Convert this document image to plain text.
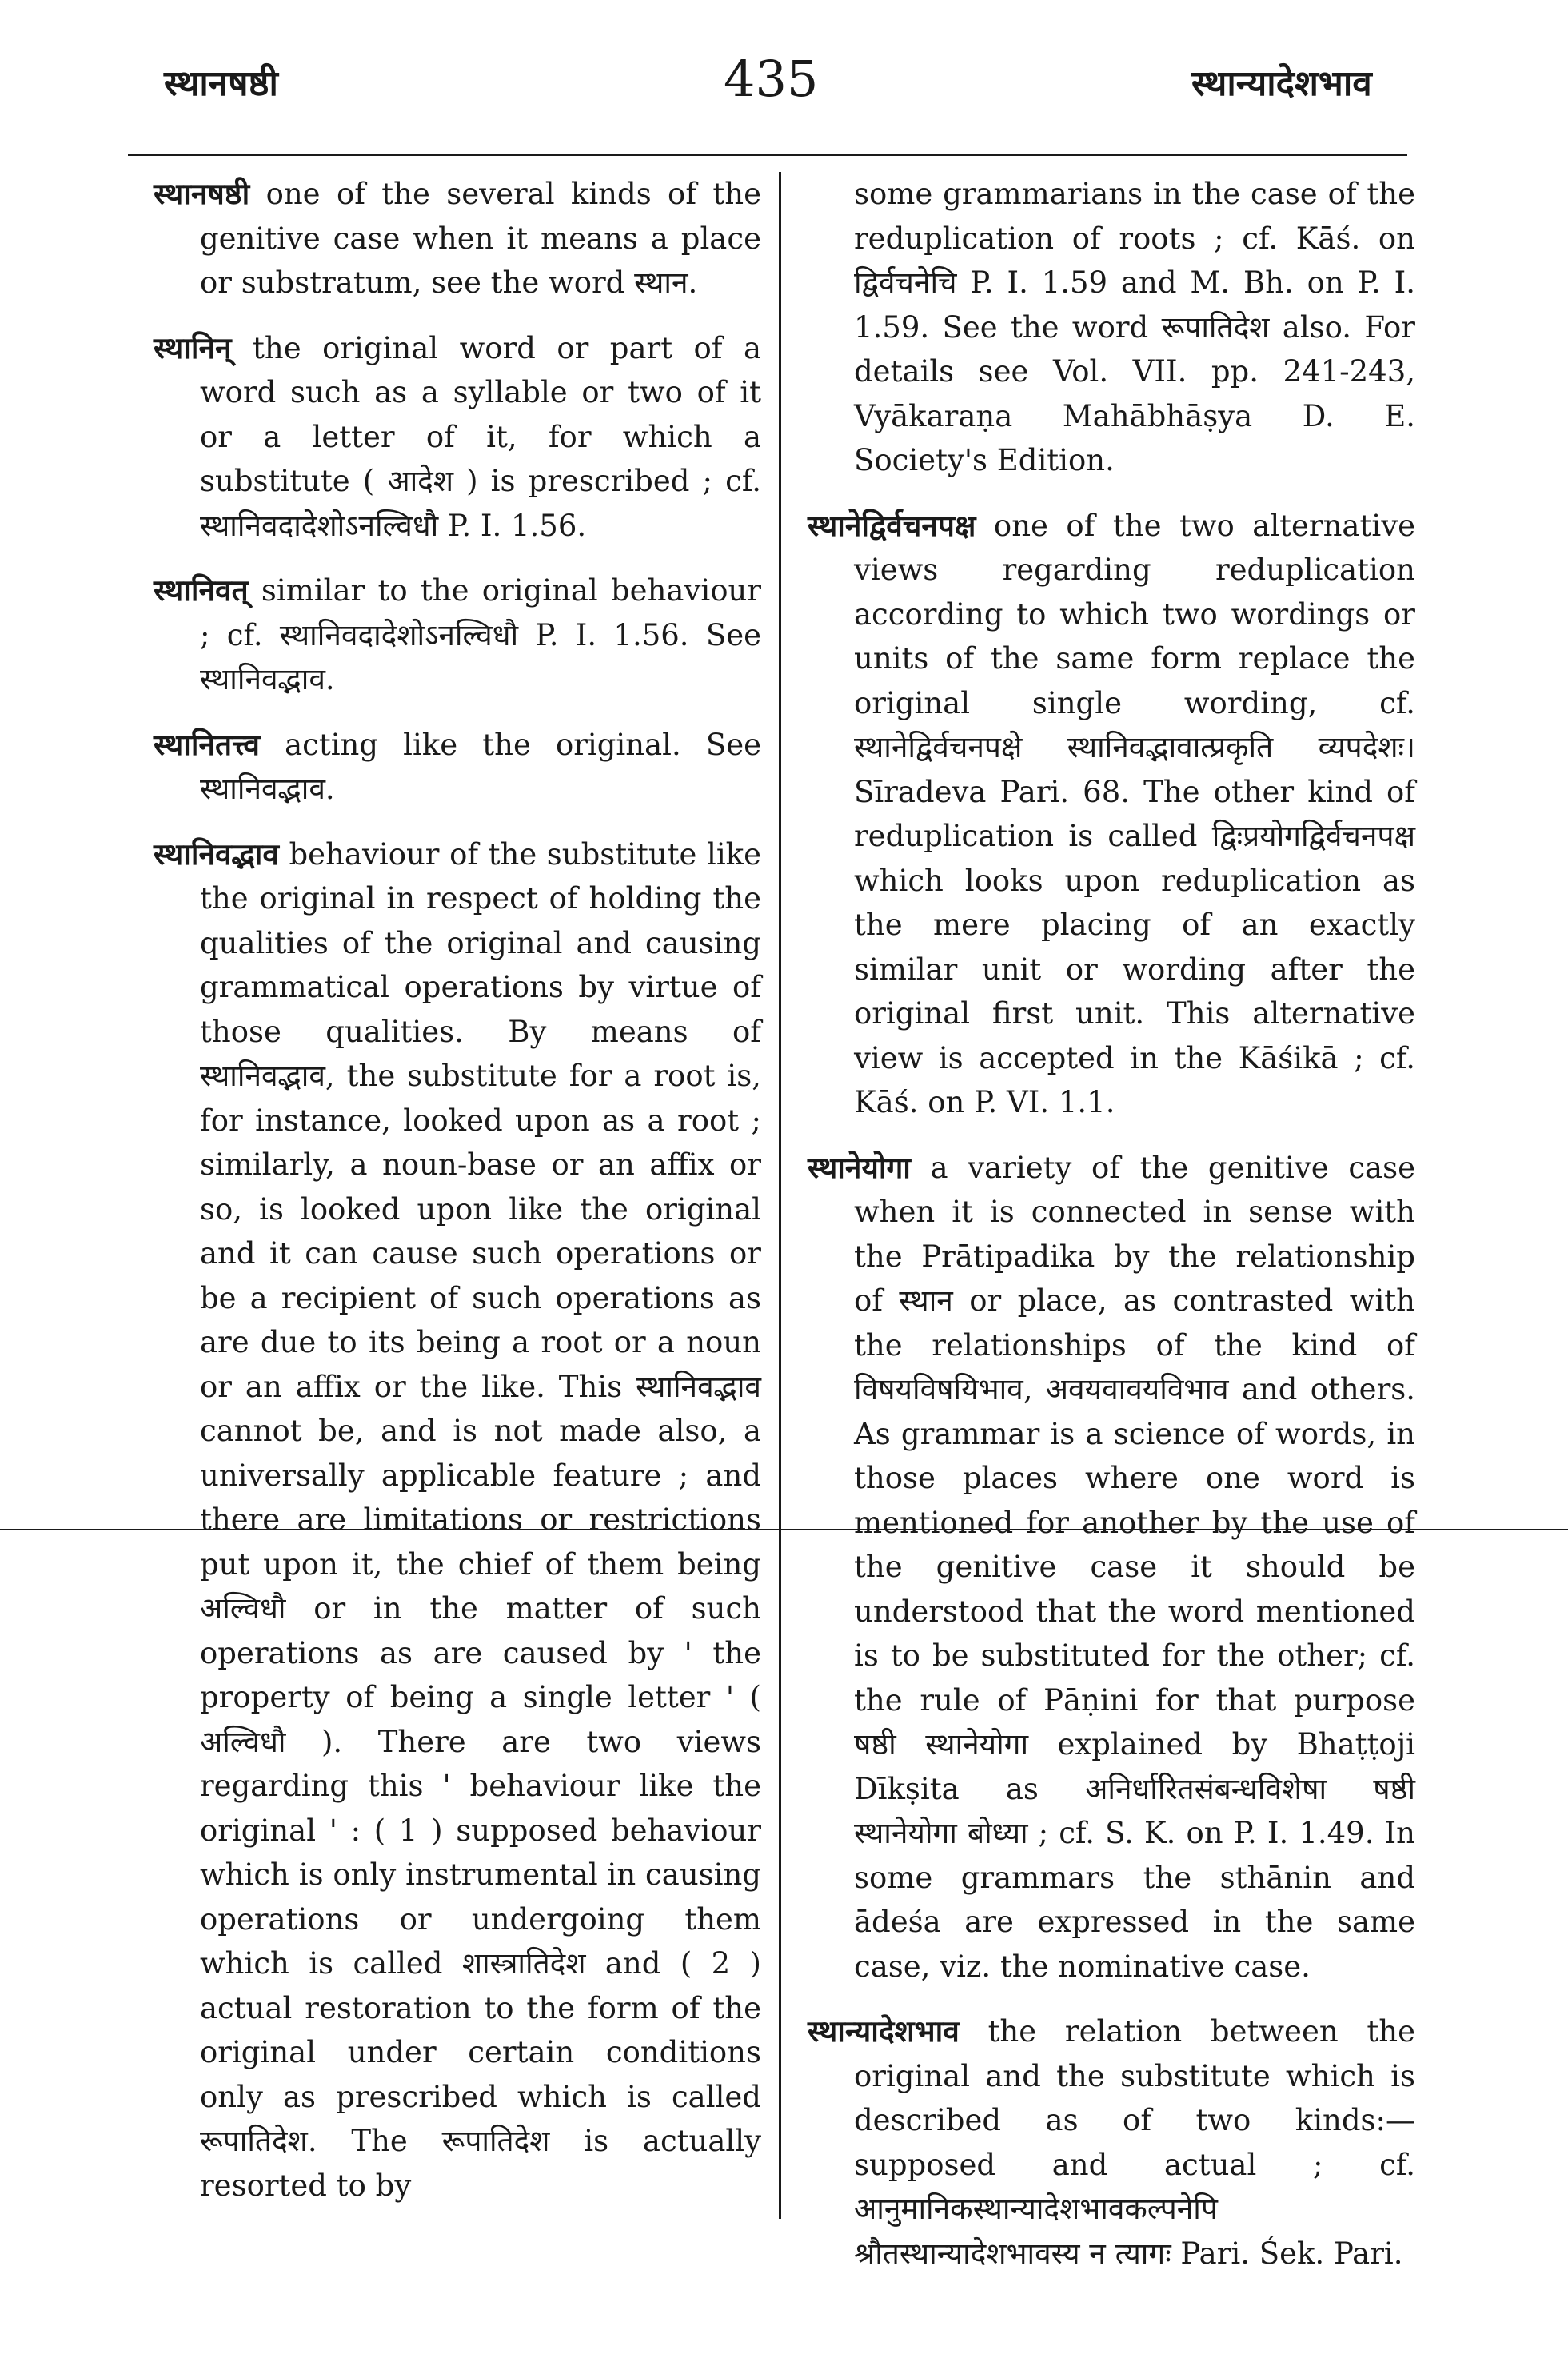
स्थानषष्ठी	435	स्थान्यादेशभाव

स्थानषष्ठी one of the several kinds of the genitive case when it means a place or substratum, see the word स्थान.

स्थानिन् the original word or part of a word such as a syllable or two of it or a letter of it, for which a substitute ( आदेश ) is prescribed ; cf. स्थानिवदादेशोऽनल्विधौ P. I. 1.56.

स्थानिवत् similar to the original behaviour ; cf. स्थानिवदादेशोऽनल्विधौ P. I. 1.56. See स्थानिवद्भाव.

स्थानितत्त्व acting like the original. See स्थानिवद्भाव.

स्थानिवद्भाव behaviour of the substitute like the original in respect of holding the qualities of the original and causing grammatical operations by virtue of those qualities. By means of स्थानिवद्भाव, the substitute for a root is, for instance, looked upon as a root ; similarly, a noun-base or an affix or so, is looked upon like the original and it can cause such operations or be a recipient of such operations as are due to its being a root or a noun or an affix or the like. This स्थानिवद्भाव cannot be, and is not made also, a universally applicable feature ; and there are limitations or restrictions put upon it, the chief of them being अल्विधौ or in the matter of such operations as are caused by ' the property of being a single letter ' ( अल्विधौ ). There are two views regarding this ' behaviour like the original ' : ( 1 ) supposed behaviour which is only instrumental in causing operations or undergoing them which is called शास्त्रातिदेश and ( 2 ) actual restoration to the form of the original under certain conditions only as prescribed which is called रूपातिदेश. The रूपातिदेश is actually resorted to by

some grammarians in the case of the reduplication of roots ; cf. Kāś. on द्विर्वचनेचि P. I. 1.59 and M. Bh. on P. I. 1.59. See the word रूपातिदेश also. For details see Vol. VII. pp. 241-243, Vyākaraṇa Mahābhāṣya D. E. Society's Edition.

स्थानेद्विर्वचनपक्ष one of the two alternative views regarding reduplication according to which two wordings or units of the same form replace the original single wording, cf. स्थानेद्विर्वचनपक्षे स्थानिवद्भावात्प्रकृति व्यपदेशः। Sīradeva Pari. 68. The other kind of reduplication is called द्विःप्रयोगद्विर्वचनपक्ष which looks upon reduplication as the mere placing of an exactly similar unit or wording after the original first unit. This alternative view is accepted in the Kāśikā ; cf. Kāś. on P. VI. 1.1.

स्थानेयोगा a variety of the genitive case when it is connected in sense with the Prātipadika by the relationship of स्थान or place, as contrasted with the relationships of the kind of विषयविषयिभाव, अवयवावयविभाव and others. As grammar is a science of words, in those places where one word is mentioned for another by the use of the genitive case it should be understood that the word mentioned is to be substituted for the other; cf. the rule of Pāṇini for that purpose षष्ठी स्थानेयोगा explained by Bhaṭṭoji Dīkṣita as अनिर्धारितसंबन्धविशेषा षष्ठी स्थानेयोगा बोध्या ; cf. S. K. on P. I. 1.49. In some grammars the sthānin and ādeśa are expressed in the same case, viz. the nominative case.

स्थान्यादेशभाव the relation between the original and the substitute which is described as of two kinds:— supposed and actual ; cf. आनुमानिकस्थान्यादेशभावकल्पनेपि श्रौतस्थान्यादेशभावस्य न त्यागः Pari. Śek. Pari.
